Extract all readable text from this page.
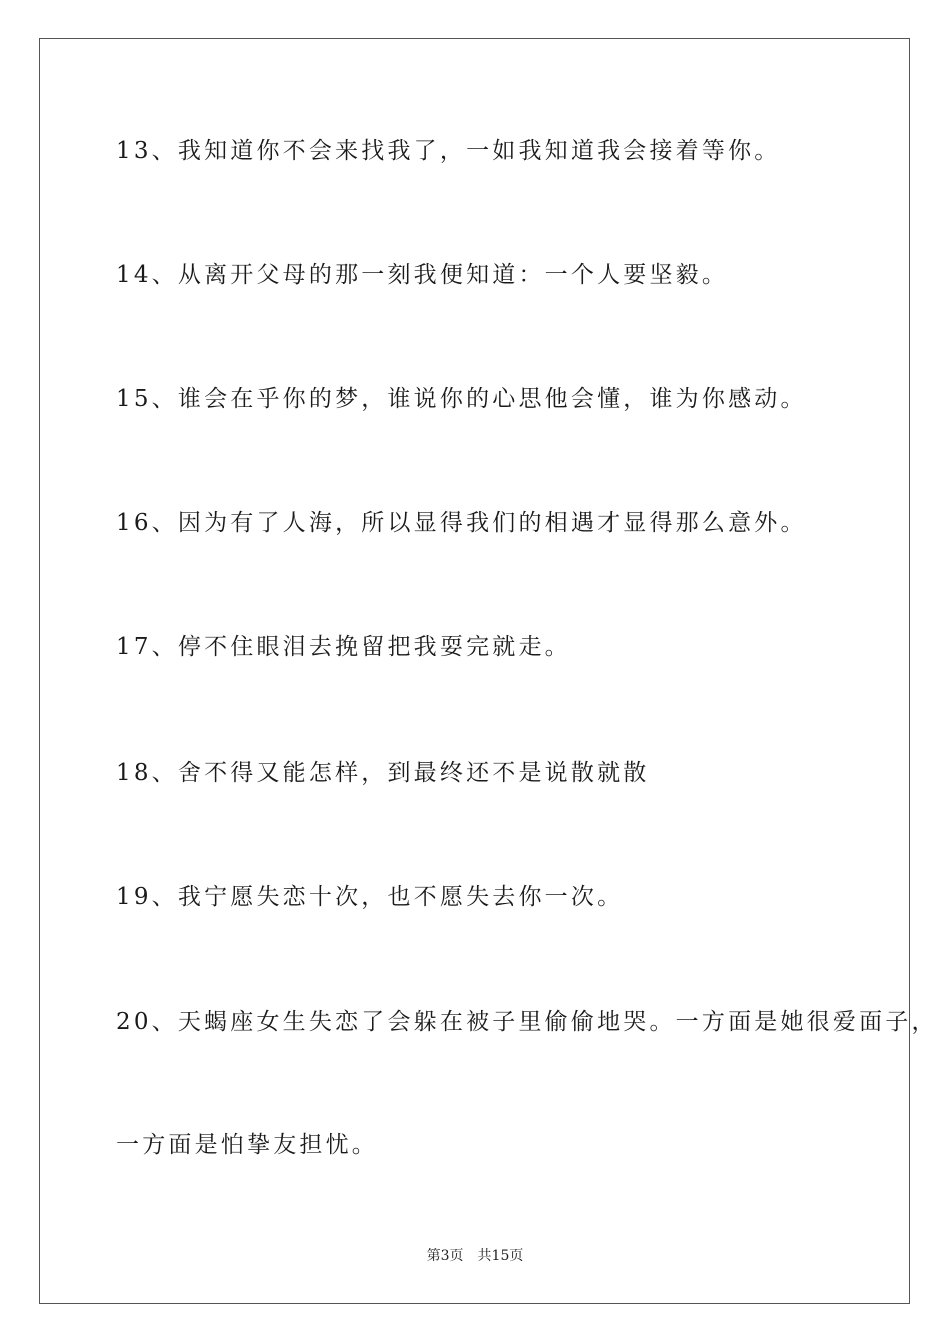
13、我知道你不会来找我了，一如我知道我会接着等你。
14、从离开父母的那一刻我便知道：一个人要坚毅。
15、谁会在乎你的梦，谁说你的心思他会懂，谁为你感动。
16、因为有了人海，所以显得我们的相遇才显得那么意外。
17、停不住眼泪去挽留把我耍完就走。
18、舍不得又能怎样，到最终还不是说散就散
19、我宁愿失恋十次，也不愿失去你一次。
20、天蝎座女生失恋了会躲在被子里偷偷地哭。一方面是她很爱面子，
一方面是怕挚友担忧。
第3页 共15页
